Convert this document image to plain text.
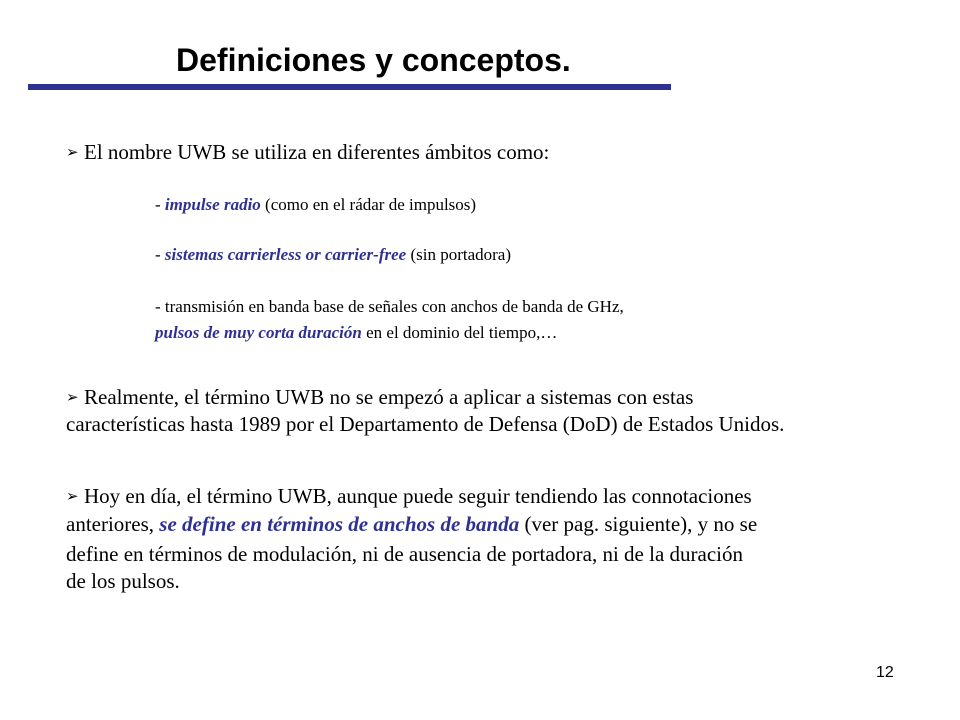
Definiciones y conceptos.
➢ El nombre UWB se utiliza en diferentes ámbitos como:
- impulse radio (como en el rádar de impulsos)
- sistemas carrierless or carrier-free (sin portadora)
- transmisión en banda base de señales con anchos de banda de GHz,
pulsos de muy corta duración en el dominio del tiempo,…
➢ Realmente, el término UWB no se empezó a aplicar a sistemas con estas
características hasta 1989 por el Departamento de Defensa (DoD) de Estados Unidos.
➢ Hoy en día, el término UWB, aunque puede seguir tendiendo las connotaciones
anteriores, se define en términos de anchos de banda (ver pag. siguiente), y no se
define en términos de modulación, ni de ausencia de portadora, ni de la duración
de los pulsos.
12
